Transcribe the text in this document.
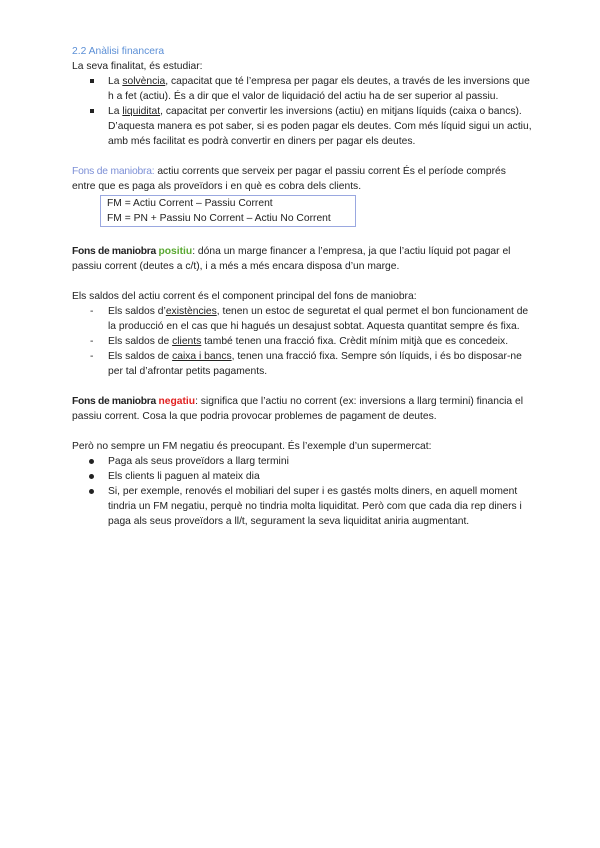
2.2 Anàlisi financera

La seva finalitat, és estudiar:

La solvència, capacitat que té l’empresa per pagar els deutes, a través de les inversions que h a fet (actiu). És a dir que el valor de liquidació del actiu ha de ser superior al passiu.
La liquiditat, capacitat per convertir les inversions (actiu) en mitjans líquids (caixa o bancs). D’aquesta manera es pot saber, si es poden pagar els deutes. Com més líquid sigui un actiu, amb més facilitat es podrà convertir en diners per pagar els deutes.

Fons de maniobra: actiu corrents que serveix per pagar el passiu corrent És el període comprés entre que es paga als proveïdors i en què es cobra dels clients.

FM = Actiu Corrent – Passiu Corrent
FM = PN + Passiu No Corrent – Actiu No Corrent

Fons de maniobra positiu: dóna un marge financer a l’empresa, ja que l’actiu líquid pot pagar el passiu corrent (deutes a c/t), i a més a més encara disposa d’un marge.

Els saldos del actiu corrent és el component principal del fons de maniobra:

Els saldos d’existències, tenen un estoc de seguretat el qual permet el bon funcionament de la producció en el cas que hi hagués un desajust sobtat. Aquesta quantitat sempre és fixa.
Els saldos de clients també tenen una fracció fixa. Crèdit mínim mitjà que es concedeix.
Els saldos de caixa i bancs, tenen una fracció fixa. Sempre són líquids, i és bo disposar-ne per tal d’afrontar petits pagaments.

Fons de maniobra negatiu: significa que l’actiu no corrent (ex: inversions a llarg termini) financia el passiu corrent. Cosa la que podria provocar problemes de pagament de deutes.

Però no sempre un FM negatiu és preocupant. És l’exemple d’un supermercat:

Paga als seus proveïdors a llarg termini
Els clients li paguen al mateix dia
Si, per exemple, renovés el mobiliari del super i es gastés molts diners, en aquell moment tindria un FM negatiu, perquè no tindria molta liquiditat. Però com que cada dia rep diners i paga als seus proveïdors a ll/t, segurament la seva liquiditat aniria augmentant.
